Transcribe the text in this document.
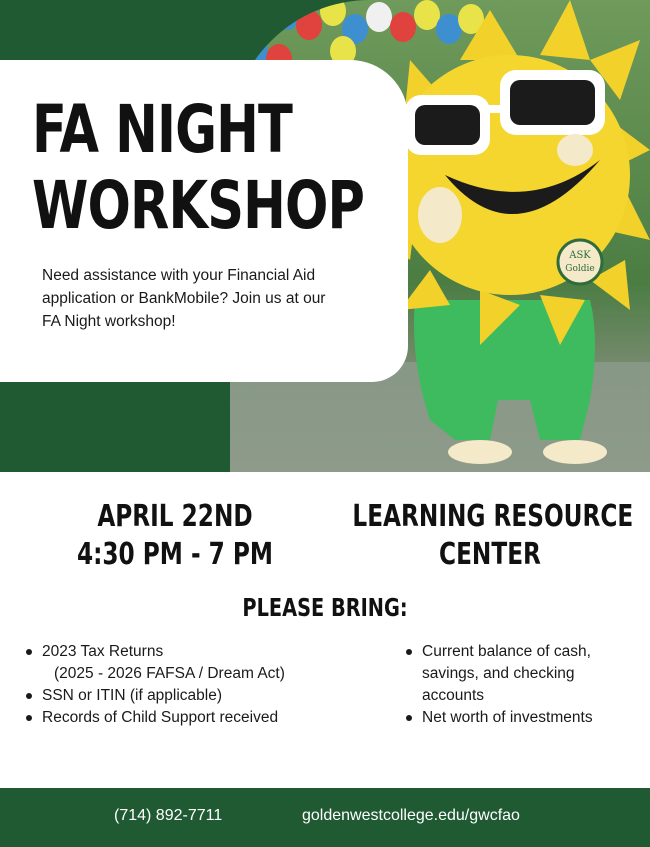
ASK
Goldie
FA NIGHT
WORKSHOP

Need assistance with your Financial Aid application or BankMobile? Join us at our FA Night workshop!

APRIL 22ND
4:30 PM - 7 PM
LEARNING RESOURCE
CENTER
PLEASE BRING:
2023 Tax Returns
(2025 - 2026 FAFSA / Dream Act)
SSN or ITIN (if applicable)
Records of Child Support received
Current balance of cash, savings, and checking accounts
Net worth of investments
(714) 892-7711	goldenwestcollege.edu/gwcfao
